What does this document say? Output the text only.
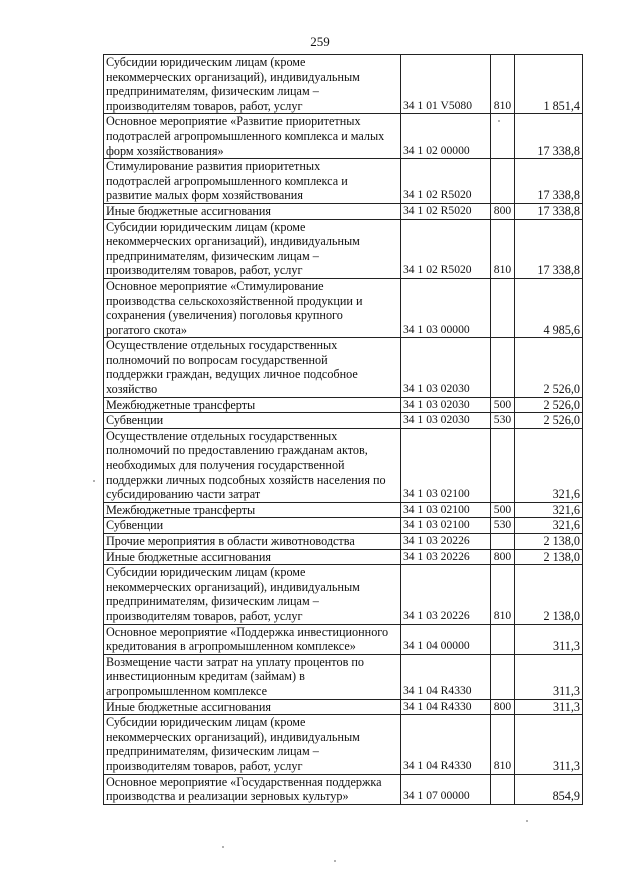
259
Субсидии юридическим лицам (кроме
некоммерческих организаций), индивидуальным
предпринимателям, физическим лицам –
производителям товаров, работ, услуг	34 1 01 V5080	810	1 851,4

Основное мероприятие «Развитие приоритетных
подотраслей агропромышленного комплекса и малых
форм хозяйствования»	34 1 02 00000		17 338,8

Стимулирование развития приоритетных
подотраслей агропромышленного комплекса и
развитие малых форм хозяйствования	34 1 02 R5020		17 338,8

Иные бюджетные ассигнования	34 1 02 R5020	800	17 338,8

Субсидии юридическим лицам (кроме
некоммерческих организаций), индивидуальным
предпринимателям, физическим лицам –
производителям товаров, работ, услуг	34 1 02 R5020	810	17 338,8

Основное мероприятие «Стимулирование
производства сельскохозяйственной продукции и
сохранения (увеличения) поголовья крупного
рогатого скота»	34 1 03 00000		4 985,6

Осуществление отдельных государственных
полномочий по вопросам государственной
поддержки граждан, ведущих личное подсобное
хозяйство	34 1 03 02030		2 526,0

Межбюджетные трансферты	34 1 03 02030	500	2 526,0

Субвенции	34 1 03 02030	530	2 526,0

Осуществление отдельных государственных
полномочий по предоставлению гражданам актов,
необходимых для получения государственной
поддержки личных подсобных хозяйств населения по
субсидированию части затрат	34 1 03 02100		321,6

Межбюджетные трансферты	34 1 03 02100	500	321,6

Субвенции	34 1 03 02100	530	321,6

Прочие мероприятия в области животноводства	34 1 03 20226		2 138,0

Иные бюджетные ассигнования	34 1 03 20226	800	2 138,0

Субсидии юридическим лицам (кроме
некоммерческих организаций), индивидуальным
предпринимателям, физическим лицам –
производителям товаров, работ, услуг	34 1 03 20226	810	2 138,0

Основное мероприятие «Поддержка инвестиционного
кредитования в агропромышленном комплексе»	34 1 04 00000		311,3

Возмещение части затрат на уплату процентов по
инвестиционным кредитам (займам) в
агропромышленном комплексе	34 1 04 R4330		311,3

Иные бюджетные ассигнования	34 1 04 R4330	800	311,3

Субсидии юридическим лицам (кроме
некоммерческих организаций), индивидуальным
предпринимателям, физическим лицам –
производителям товаров, работ, услуг	34 1 04 R4330	810	311,3

Основное мероприятие «Государственная поддержка
производства и реализации зерновых культур»	34 1 07 00000		854,9
